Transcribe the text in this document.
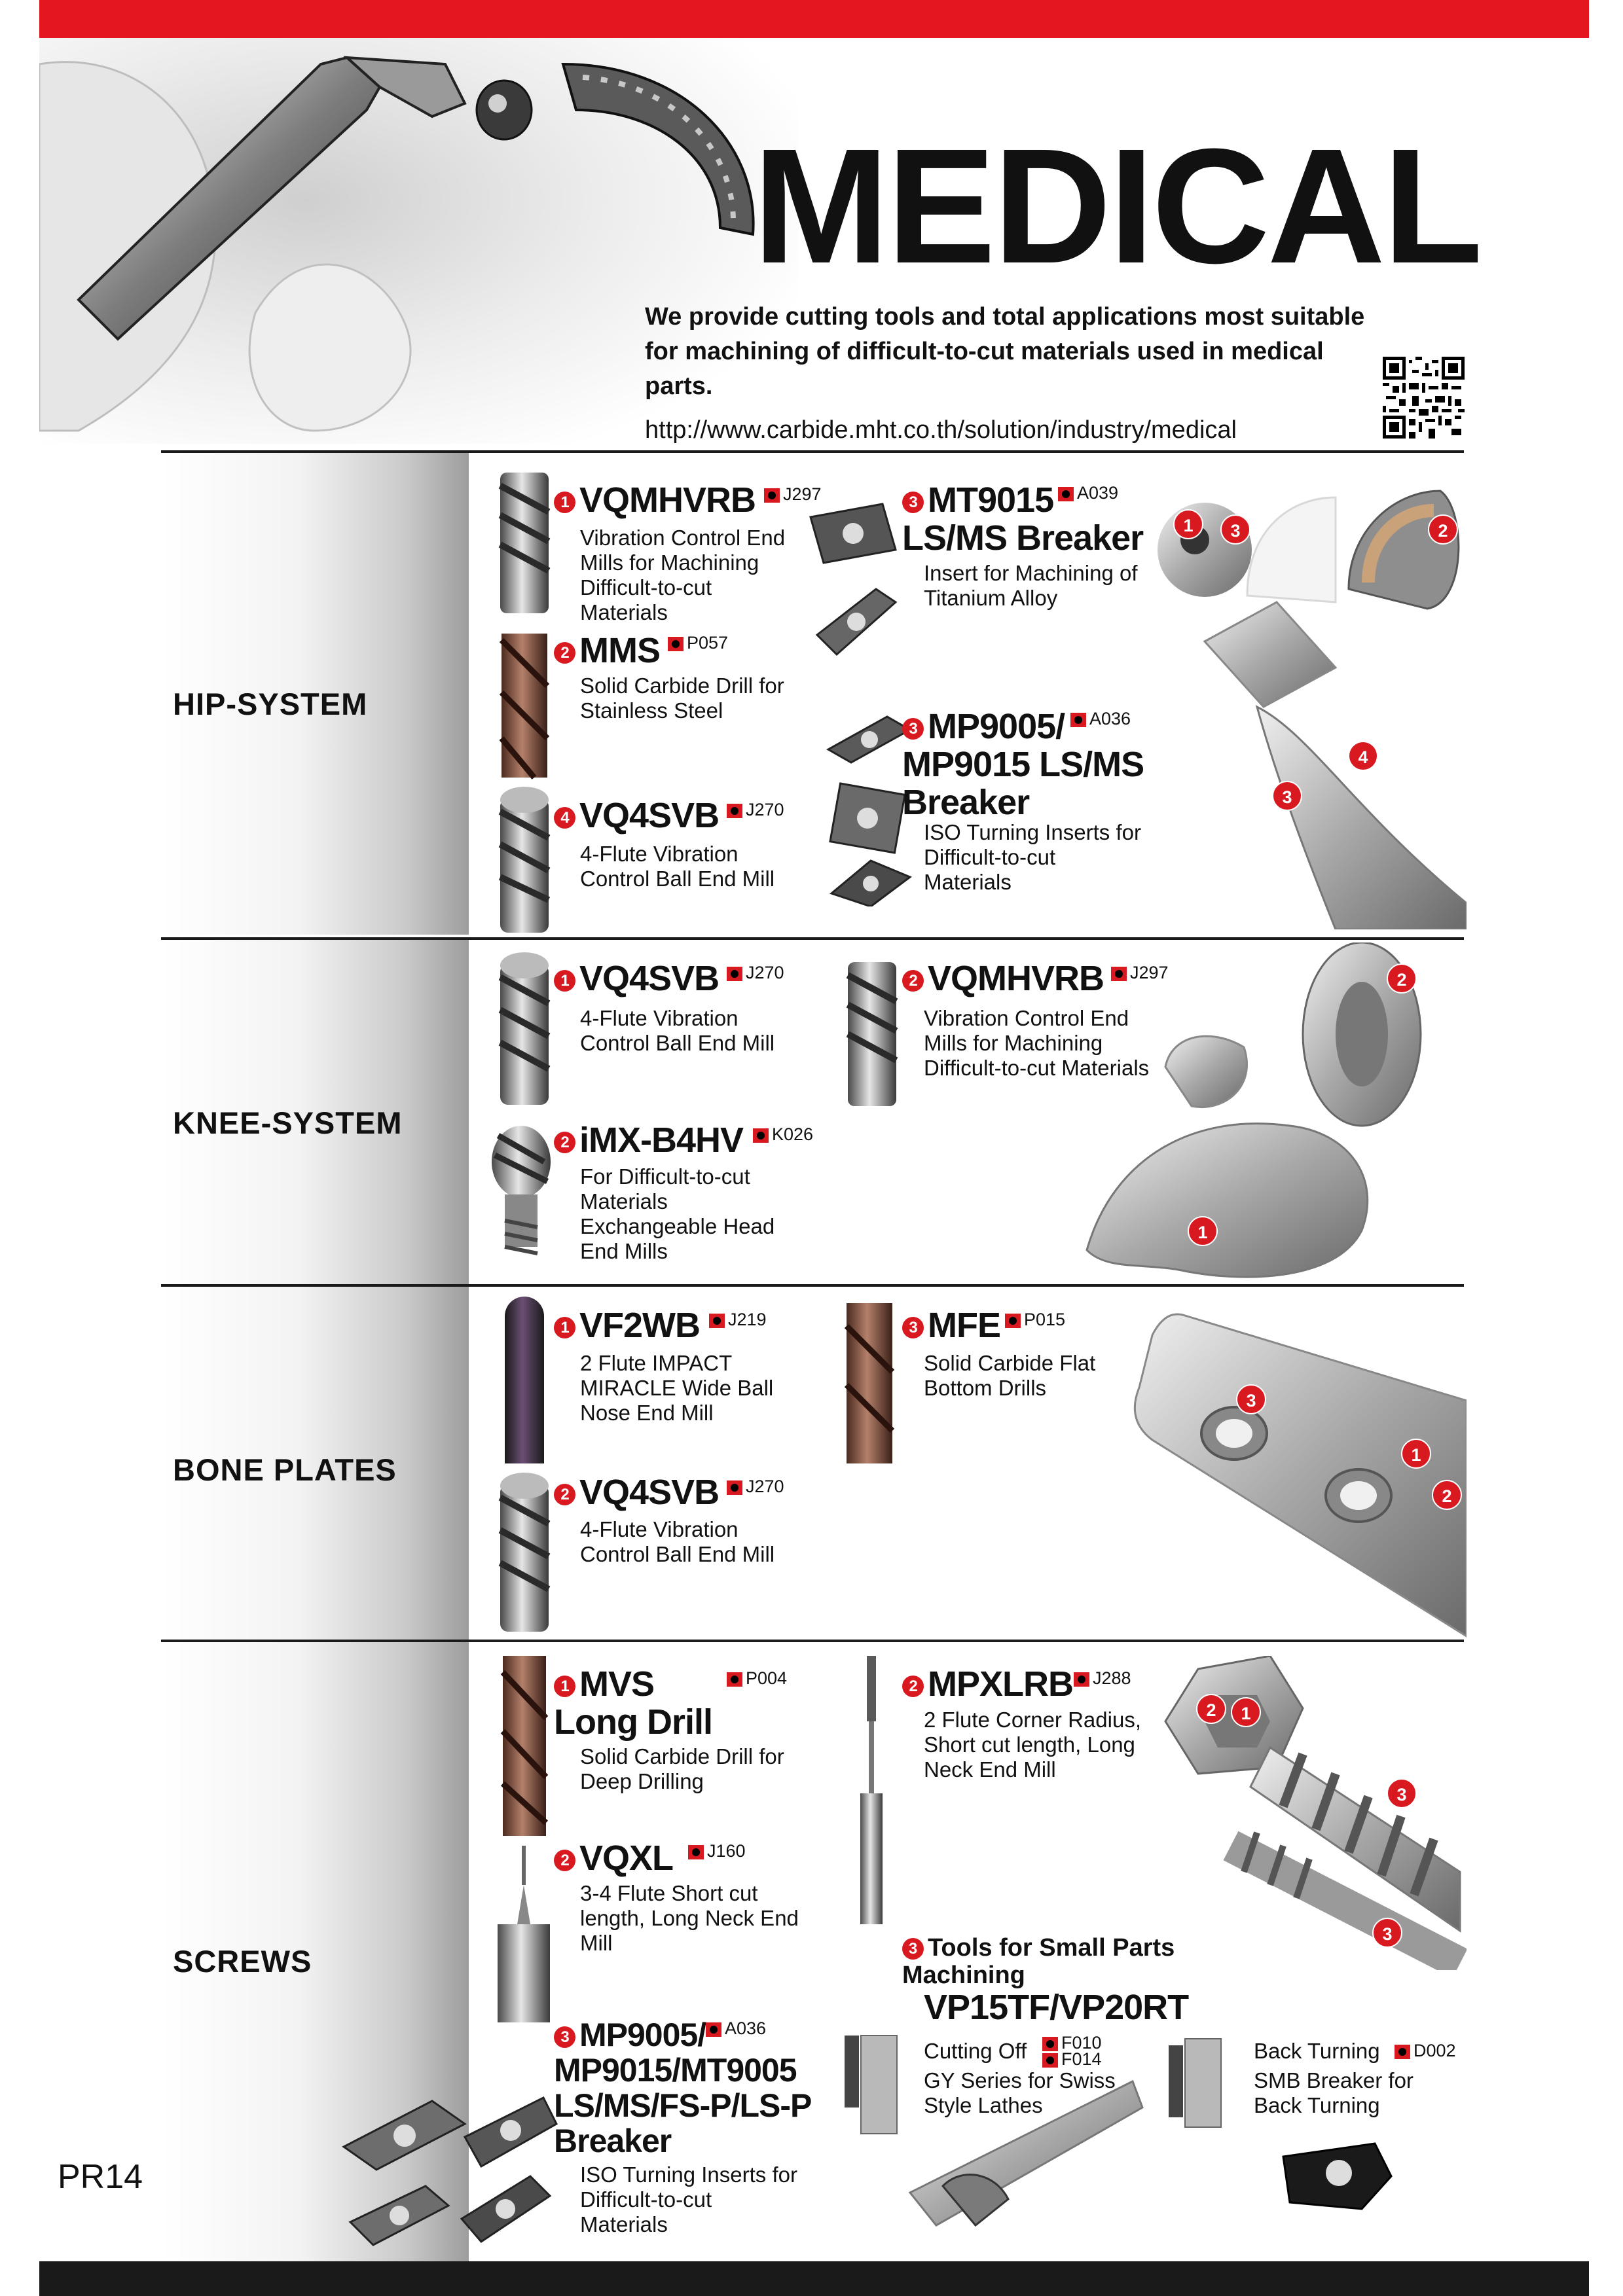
MEDICAL
We provide cutting tools and total applications most suitable for machining of difficult-to-cut materials used in medical parts.
http://www.carbide.mht.co.th/solution/industry/medical
HIP-SYSTEM
1 VQMHVRB	J297
Vibration Control End Mills for Machining Difficult-to-cut Materials
2 MMS	P057
Solid Carbide Drill for Stainless Steel
4 VQ4SVB	J270
4-Flute Vibration Control Ball End Mill
3 MT9015 LS/MS Breaker
A039
Insert for Machining of Titanium Alloy
3 MP9005/ MP9015 LS/MS Breaker
A036
ISO Turning Inserts for Difficult-to-cut Materials
1	3	2
4
3
KNEE-SYSTEM
1 VQ4SVB	J270
4-Flute Vibration Control Ball End Mill
2 iMX-B4HV	K026
For Difficult-to-cut Materials Exchangeable Head End Mills
2 VQMHVRB	J297
Vibration Control End Mills for Machining Difficult-to-cut Materials
2
1
BONE PLATES
1 VF2WB	J219
2 Flute IMPACT MIRACLE Wide Ball Nose End Mill
2 VQ4SVB	J270
4-Flute Vibration Control Ball End Mill
3 MFE	P015
Solid Carbide Flat Bottom Drills
3
1
2
SCREWS
1 MVS Long Drill
P004
Solid Carbide Drill for Deep Drilling
2 VQXL	J160
3-4 Flute Short cut length, Long Neck End Mill
3 MP9005/ MP9015/MT9005 LS/MS/FS-P/LS-P Breaker
A036
ISO Turning Inserts for Difficult-to-cut Materials
2 MPXLRB	J288
2 Flute Corner Radius, Short cut length, Long Neck End Mill
2	1
3
3
3 Tools for Small Parts Machining
VP15TF/VP20RT
Cutting Off	F010
F014
GY Series for Swiss Style Lathes
Back Turning	D002
SMB Breaker for Back Turning
PR14
